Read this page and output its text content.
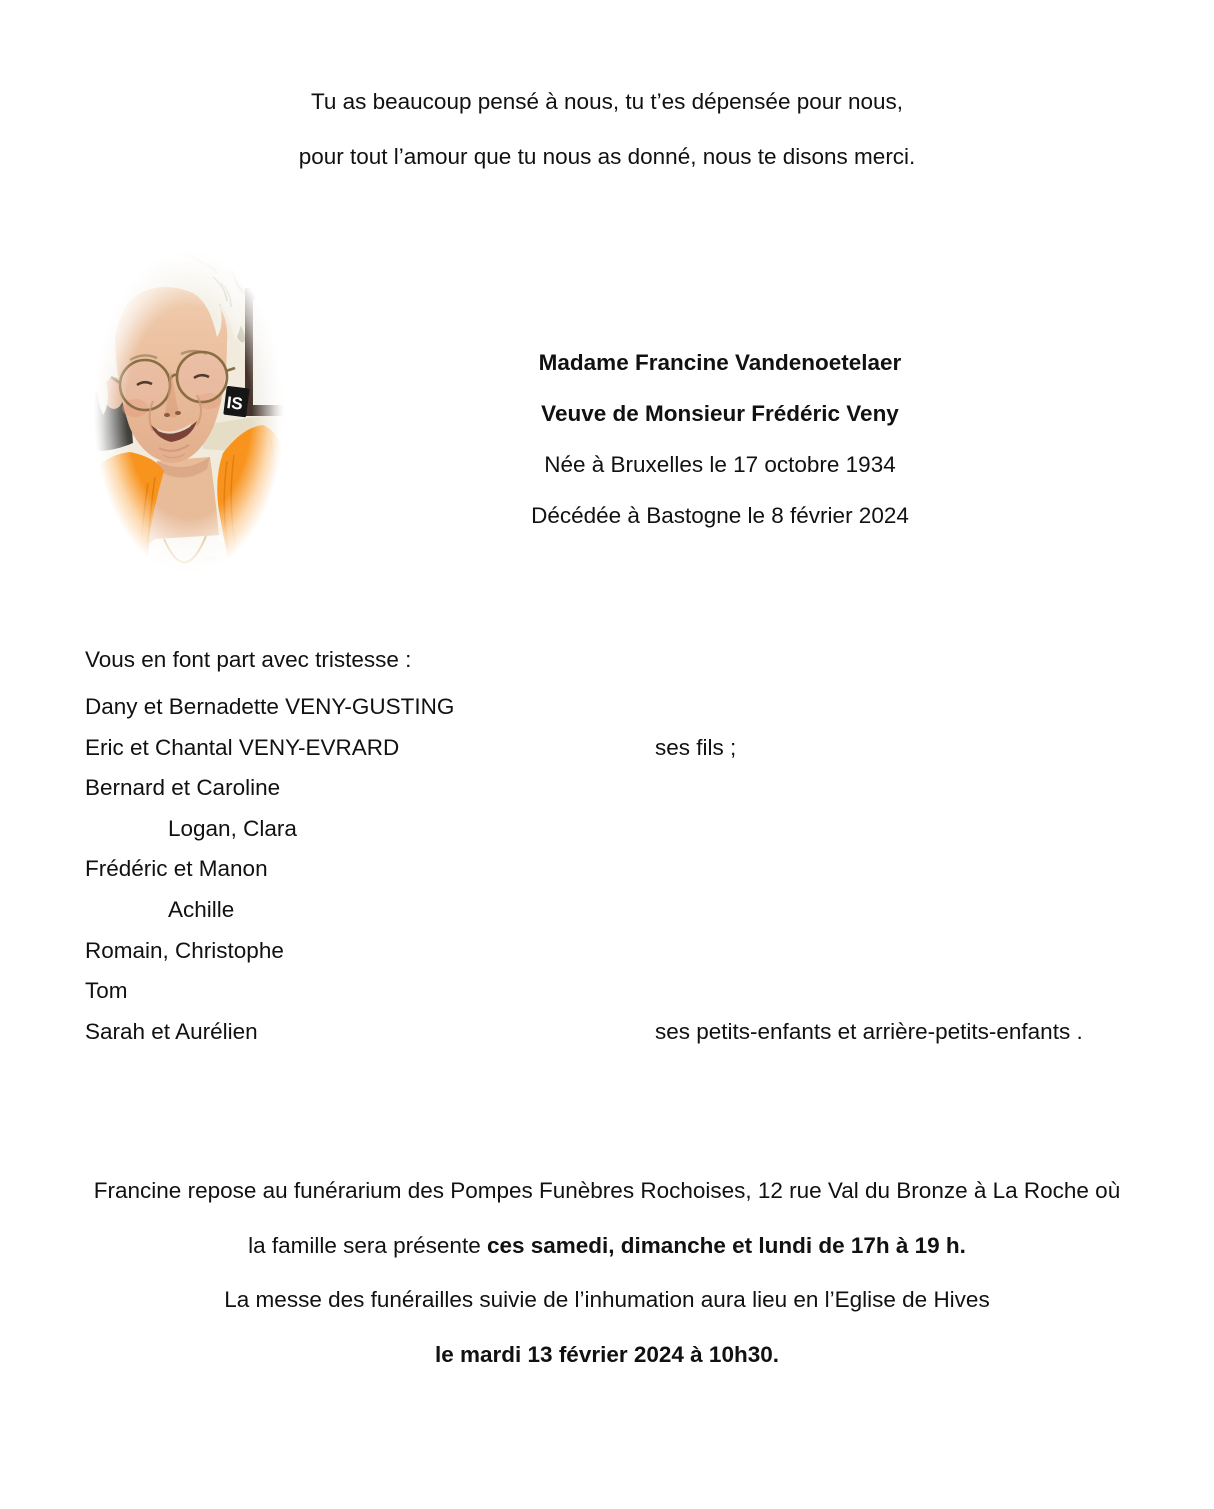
Tu as beaucoup pensé à nous, tu t’es dépensée pour nous,
pour tout l’amour que tu nous as donné, nous te disons merci.
Madame Francine Vandenoetelaer
Veuve de Monsieur Frédéric Veny
Née à Bruxelles le 17 octobre 1934
Décédée à Bastogne le 8 février 2024
Vous en font part avec tristesse :
Dany et Bernadette VENY-GUSTING
Eric et Chantal VENY-EVRARD	ses fils ;
Bernard et Caroline
Logan, Clara
Frédéric et Manon
Achille
Romain, Christophe
Tom
Sarah et Aurélien	ses petits-enfants et arrière-petits-enfants .
Francine repose au funérarium des Pompes Funèbres Rochoises, 12 rue Val du Bronze à La Roche où
la famille sera présente ces samedi, dimanche et lundi de 17h à 19 h.
La messe des funérailles suivie de l’inhumation aura lieu en l’Eglise de Hives
le mardi 13 février 2024 à 10h30.
